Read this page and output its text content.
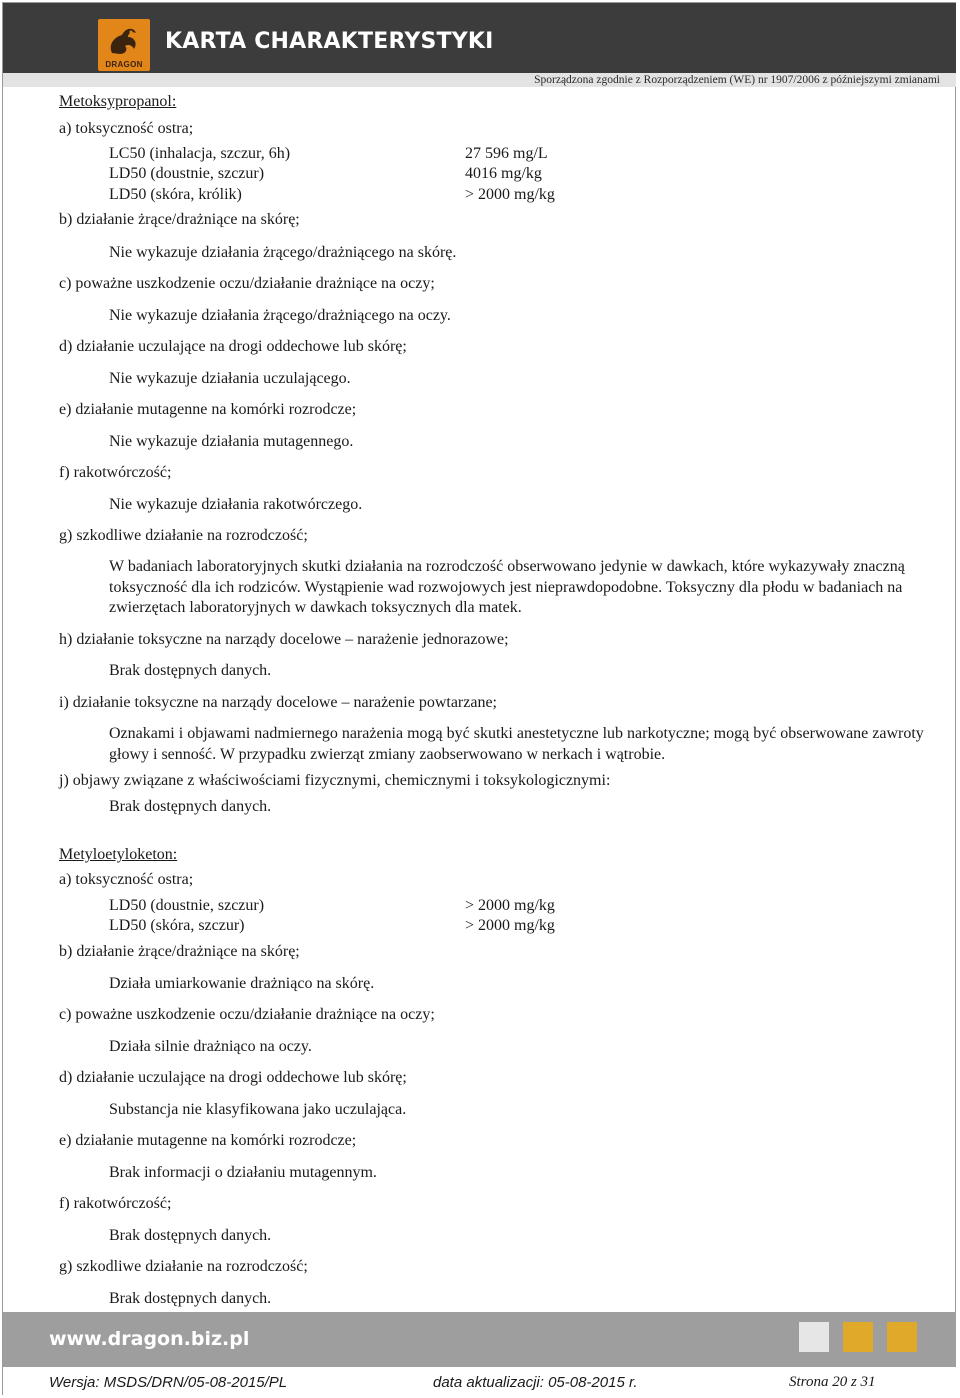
DRAGON
KARTA CHARAKTERYSTYKI
Sporządzona zgodnie z Rozporządzeniem (WE) nr 1907/2006 z późniejszymi zmianami
Metoksypropanol:
a) toksyczność ostra;
LC50 (inhalacja, szczur, 6h)	27 596 mg/L
LD50 (doustnie, szczur)	4016 mg/kg
LD50 (skóra, królik)	> 2000 mg/kg
b) działanie żrące/drażniące na skórę;
Nie wykazuje działania żrącego/drażniącego na skórę.
c) poważne uszkodzenie oczu/działanie drażniące na oczy;
Nie wykazuje działania żrącego/drażniącego na oczy.
d) działanie uczulające na drogi oddechowe lub skórę;
Nie wykazuje działania uczulającego.
e) działanie mutagenne na komórki rozrodcze;
Nie wykazuje działania mutagennego.
f) rakotwórczość;
Nie wykazuje działania rakotwórczego.
g) szkodliwe działanie na rozrodczość;
W badaniach laboratoryjnych skutki działania na rozrodczość obserwowano jedynie w dawkach, które wykazywały znaczną toksyczność dla ich rodziców. Wystąpienie wad rozwojowych jest nieprawdopodobne. Toksyczny dla płodu w badaniach na zwierzętach laboratoryjnych w dawkach toksycznych dla matek.
h) działanie toksyczne na narządy docelowe – narażenie jednorazowe;
Brak dostępnych danych.
i) działanie toksyczne na narządy docelowe – narażenie powtarzane;
Oznakami i objawami nadmiernego narażenia mogą być skutki anestetyczne lub narkotyczne; mogą być obserwowane zawroty głowy i senność. W przypadku zwierząt zmiany zaobserwowano w nerkach i wątrobie.
j) objawy związane z właściwościami fizycznymi, chemicznymi i toksykologicznymi:
Brak dostępnych danych.
Metyloetyloketon:
a) toksyczność ostra;
LD50 (doustnie, szczur)	> 2000 mg/kg
LD50 (skóra, szczur)	> 2000 mg/kg
b) działanie żrące/drażniące na skórę;
Działa umiarkowanie drażniąco na skórę.
c) poważne uszkodzenie oczu/działanie drażniące na oczy;
Działa silnie drażniąco na oczy.
d) działanie uczulające na drogi oddechowe lub skórę;
Substancja nie klasyfikowana jako uczulająca.
e) działanie mutagenne na komórki rozrodcze;
Brak informacji o działaniu mutagennym.
f) rakotwórczość;
Brak dostępnych danych.
g) szkodliwe działanie na rozrodczość;
Brak dostępnych danych.
www.dragon.biz.pl
Wersja: MSDS/DRN/05-08-2015/PL	data aktualizacji: 05-08-2015 r.	Strona 20 z 31
